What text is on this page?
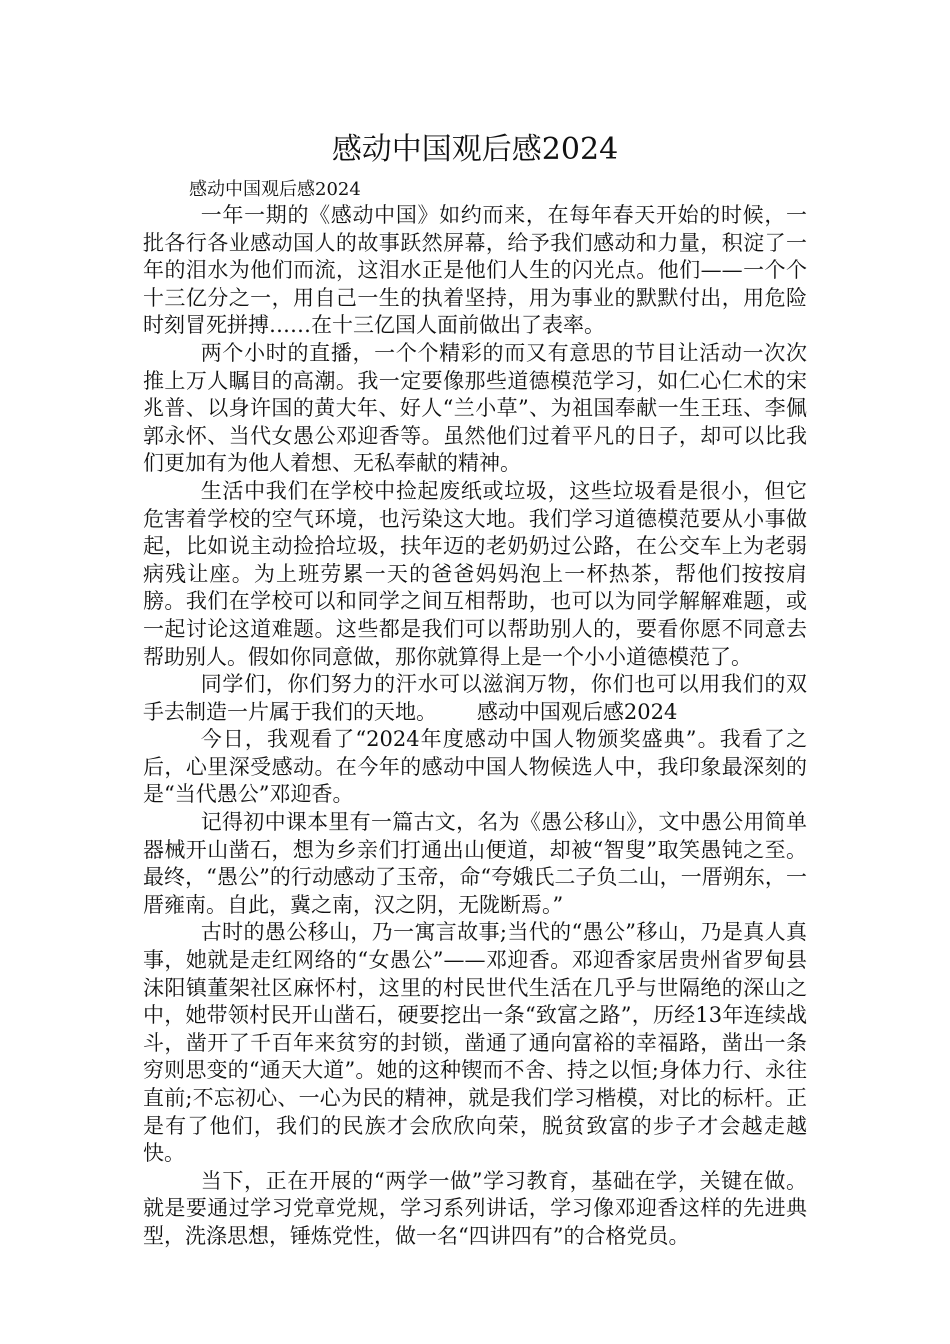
感动中国观后感2024

感动中国观后感2024

一年一期的《感动中国》如约而来，在每年春天开始的时候，一批各行各业感动国人的故事跃然屏幕，给予我们感动和力量，积淀了一年的泪水为他们而流，这泪水正是他们人生的闪光点。他们——一个个十三亿分之一，用自己一生的执着坚持，用为事业的默默付出，用危险时刻冒死拼搏……在十三亿国人面前做出了表率。

两个小时的直播，一个个精彩的而又有意思的节目让活动一次次推上万人瞩目的高潮。我一定要像那些道德模范学习，如仁心仁术的宋兆普、以身许国的黄大年、好人“兰小草”、为祖国奉献一生王珏、李佩郭永怀、当代女愚公邓迎香等。虽然他们过着平凡的日子，却可以比我们更加有为他人着想、无私奉献的精神。

生活中我们在学校中捡起废纸或垃圾，这些垃圾看是很小，但它危害着学校的空气环境，也污染这大地。我们学习道德模范要从小事做起，比如说主动捡拾垃圾，扶年迈的老奶奶过公路，在公交车上为老弱病残让座。为上班劳累一天的爸爸妈妈泡上一杯热茶，帮他们按按肩膀。我们在学校可以和同学之间互相帮助，也可以为同学解解难题，或一起讨论这道难题。这些都是我们可以帮助别人的，要看你愿不同意去帮助别人。假如你同意做，那你就算得上是一个小小道德模范了。

同学们，你们努力的汗水可以滋润万物，你们也可以用我们的双手去制造一片属于我们的天地。 感动中国观后感2024

今日，我观看了“2024年度感动中国人物颁奖盛典”。我看了之后，心里深受感动。在今年的感动中国人物候选人中，我印象最深刻的是“当代愚公”邓迎香。

记得初中课本里有一篇古文，名为《愚公移山》，文中愚公用简单器械开山凿石，想为乡亲们打通出山便道，却被“智叟”取笑愚钝之至。最终，“愚公”的行动感动了玉帝，命“夸娥氏二子负二山，一厝朔东，一厝雍南。自此，冀之南，汉之阴，无陇断焉。”

古时的愚公移山，乃一寓言故事;当代的“愚公”移山，乃是真人真事，她就是走红网络的“女愚公”——邓迎香。邓迎香家居贵州省罗甸县沫阳镇董架社区麻怀村，这里的村民世代生活在几乎与世隔绝的深山之中，她带领村民开山凿石，硬要挖出一条“致富之路”，历经13年连续战斗，凿开了千百年来贫穷的封锁，凿通了通向富裕的幸福路，凿出一条穷则思变的“通天大道”。她的这种锲而不舍、持之以恒;身体力行、永往直前;不忘初心、一心为民的精神，就是我们学习楷模，对比的标杆。正是有了他们，我们的民族才会欣欣向荣，脱贫致富的步子才会越走越快。

当下，正在开展的“两学一做”学习教育，基础在学，关键在做。就是要通过学习党章党规，学习系列讲话，学习像邓迎香这样的先进典型，洗涤思想，锤炼党性，做一名“四讲四有”的合格党员。
